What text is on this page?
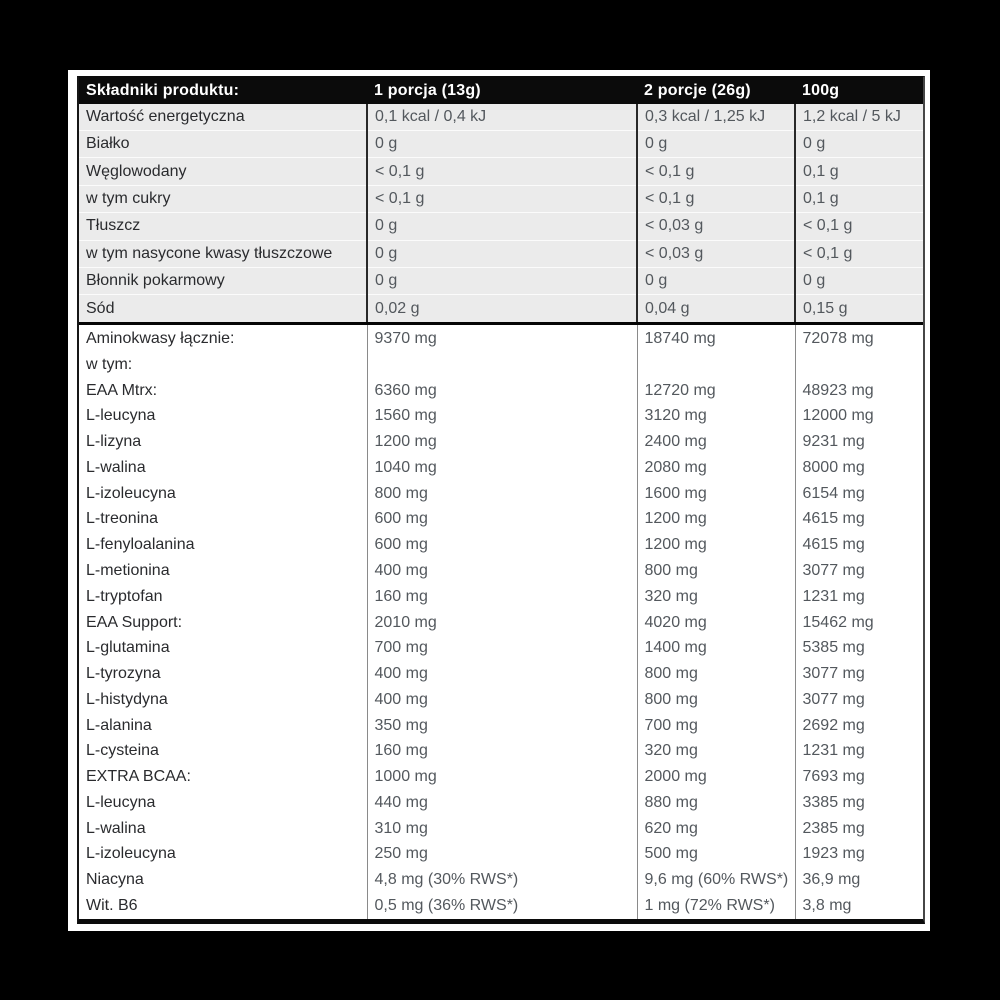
Składniki produktu:	1 porcja (13g)	2 porcje (26g)	100g
Wartość energetyczna	0,1 kcal / 0,4 kJ	0,3 kcal / 1,25 kJ	1,2 kcal / 5 kJ
Białko	0 g	0 g	0 g
Węglowodany	< 0,1 g	< 0,1 g	0,1 g
w tym cukry	< 0,1 g	< 0,1 g	0,1 g
Tłuszcz	0 g	< 0,03 g	< 0,1 g
w tym nasycone kwasy tłuszczowe	0 g	< 0,03 g	< 0,1 g
Błonnik pokarmowy	0 g	0 g	0 g
Sód	0,02 g	0,04 g	0,15 g
Aminokwasy łącznie:	9370 mg	18740 mg	72078 mg
w tym:			
EAA Mtrx:	6360 mg	12720 mg	48923 mg
L-leucyna	1560 mg	3120 mg	12000 mg
L-lizyna	1200 mg	2400 mg	9231 mg
L-walina	1040 mg	2080 mg	8000 mg
L-izoleucyna	800 mg	1600 mg	6154 mg
L-treonina	600 mg	1200 mg	4615 mg
L-fenyloalanina	600 mg	1200 mg	4615 mg
L-metionina	400 mg	800 mg	3077 mg
L-tryptofan	160 mg	320 mg	1231 mg
EAA Support:	2010 mg	4020 mg	15462 mg
L-glutamina	700 mg	1400 mg	5385 mg
L-tyrozyna	400 mg	800 mg	3077 mg
L-histydyna	400 mg	800 mg	3077 mg
L-alanina	350 mg	700 mg	2692 mg
L-cysteina	160 mg	320 mg	1231 mg
EXTRA BCAA:	1000 mg	2000 mg	7693 mg
L-leucyna	440 mg	880 mg	3385 mg
L-walina	310 mg	620 mg	2385 mg
L-izoleucyna	250 mg	500 mg	1923 mg
Niacyna	4,8 mg (30% RWS*)	9,6 mg (60% RWS*)	36,9 mg
Wit. B6	0,5 mg (36% RWS*)	1 mg (72% RWS*)	3,8 mg
